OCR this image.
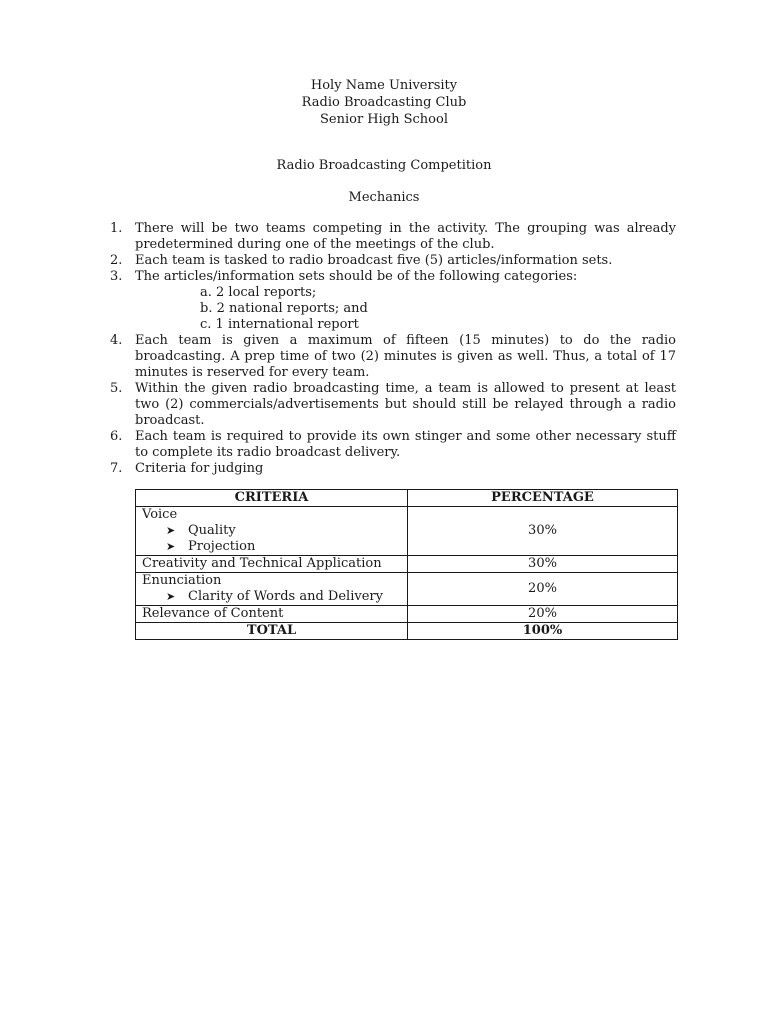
Holy Name University
Radio Broadcasting Club
Senior High School
Radio Broadcasting Competition
Mechanics
1. There will be two teams competing in the activity. The grouping was already predetermined during one of the meetings of the club.
2. Each team is tasked to radio broadcast five (5) articles/information sets.
3. The articles/information sets should be of the following categories:
a. 2 local reports;
b. 2 national reports; and
c. 1 international report
4. Each team is given a maximum of fifteen (15 minutes) to do the radio broadcasting. A prep time of two (2) minutes is given as well. Thus, a total of 17 minutes is reserved for every team.
5. Within the given radio broadcasting time, a team is allowed to present at least two (2) commercials/advertisements but should still be relayed through a radio broadcast.
6. Each team is required to provide its own stinger and some other necessary stuff to complete its radio broadcast delivery.
7. Criteria for judging
CRITERIA	PERCENTAGE

Voice
➤ Quality
➤ Projection	30%
Creativity and Technical Application	30%

Enunciation
➤ Clarity of Words and Delivery	20%
Relevance of Content	20%
TOTAL	100%
